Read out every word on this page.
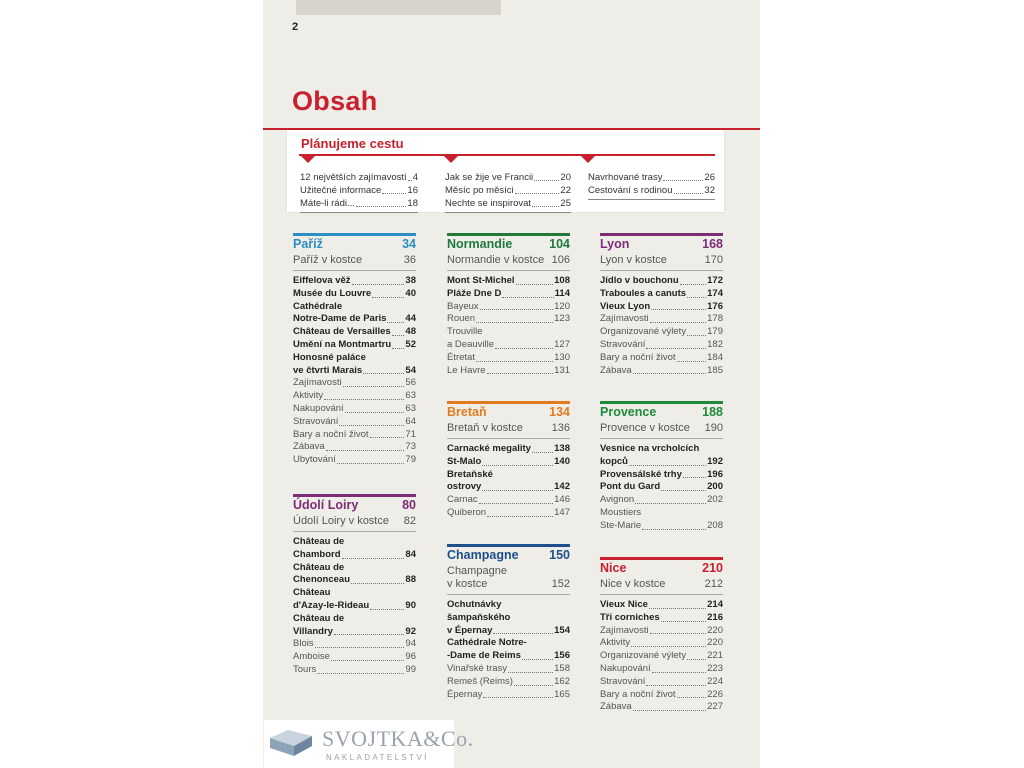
2
Obsah
Plánujeme cestu
12 největších zajímavostí 4
Užitečné informace	16
Máte-li rádi...	18
Jak se žije ve Francii	20
Měsíc po měsíci	22
Nechte se inspirovat	25
Navrhované trasy	26
Cestování s rodinou	32
Paříž	34
Paříž v kostce	36
Eiffelova věž	38
Musée du Louvre	40
Cathédrale
Notre-Dame de Paris 44
Château de Versailles 48
Umění na Montmartru 52
Honosné paláce
ve čtvrti Marais	54
Zajímavosti	56
Aktivity	63
Nakupování	63
Stravování	64
Bary a noční život	71
Zábava	73
Ubytování	79
Údolí Loiry	80
Údolí Loiry v kostce	82
Château de
Chambord	84
Château de
Chenonceau	88
Château
d'Azay-le-Rideau	90
Château de
Villandry	92
Blois	94
Amboise	96
Tours	99
Normandie	104
Normandie v kostce 106
Mont St-Michel	108
Pláže Dne D	114
Bayeux	120
Rouen	123
Trouville
a Deauville	127
Étretat	130
Le Havre	131
Bretaň	134
Bretaň v kostce	136
Carnacké megality 138
St-Malo	140
Bretaňské
ostrovy	142
Carnac	146
Quiberon	147
Champagne 150
Champagne
v kostce	152
Ochutnávky
šampaňského
v Épernay	154
Cathédrale Notre-
-Dame de Reims	156
Vinařské trasy	158
Remeš (Reims)	162
Épernay	165
Lyon	168
Lyon v kostce	170
Jídlo v bouchonu	172
Traboules a canuts 174
Vieux Lyon	176
Zajímavosti	178
Organizované výlety 179
Stravování	182
Bary a noční život	184
Zábava	185
Provence	188
Provence v kostce	190
Vesnice na vrcholcích
kopců	192
Provensálské trhy	196
Pont du Gard	200
Avignon	202
Moustiers
Ste-Marie	208
Nice	210
Nice v kostce	212
Vieux Nice	214
Tři corniches	216
Zajímavosti	220
Aktivity	220
Organizované výlety 221
Nakupování	223
Stravování	224
Bary a noční život	226
Zábava	227
SVOJTKA&Co.
NAKLADATELSTVÍ
